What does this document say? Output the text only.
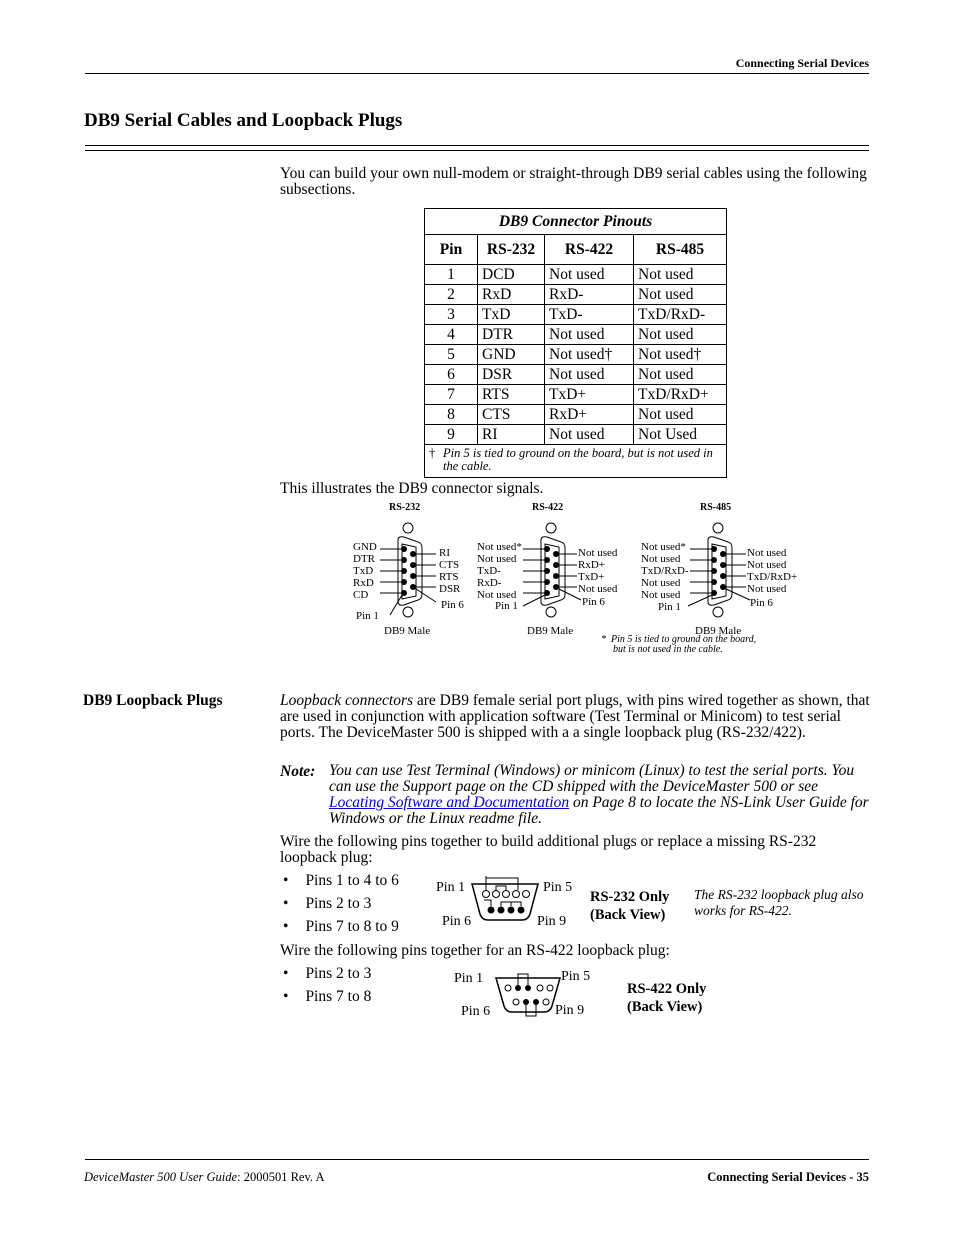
Connecting Serial Devices
DB9 Serial Cables and Loopback Plugs

You can build your own null-modem or straight-through DB9 serial cables using the following subsections.

DB9 Connector Pinouts			
Pin	RS-232	RS-422	RS-485
1	DCD	Not used	Not used
2	RxD	RxD-	Not used
3	TxD	TxD-	TxD/RxD-
4	DTR	Not used	Not used
5	GND	Not used†	Not used†
6	DSR	Not used	Not used
7	RTS	TxD+	TxD/RxD+
8	CTS	RxD+	Not used
9	RI	Not used	Not Used
† Pin 5 is tied to ground on the board, but is not used in the cable.			

This illustrates the DB9 connector signals.

RS-232
GND
DTR
TxD
RxD
CD
RI
CTS
RTS
DSR
Pin 1
Pin 6
DB9 Male
RS-422
Not used*
Not used
TxD-
RxD-
Not used
Not used
RxD+
TxD+
Not used
Pin 1	Pin 6
DB9 Male
RS-485
Not used*
Not used
TxD/RxD-
Not used
Not used
Not used
Not used
TxD/RxD+
Not used
Pin 1	Pin 6
DB9 Male
* Pin 5 is tied to ground on the board,
but is not used in the cable.
DB9 Loopback Plugs	Loopback connectors are DB9 female serial port plugs, with pins wired together as shown, that are used in conjunction with application software (Test Terminal or Minicom) to test serial ports. The DeviceMaster 500 is shipped with a a single loopback plug (RS-232/422).

Note: You can use Test Terminal (Windows) or minicom (Linux) to test the serial ports. You can use the Support page on the CD shipped with the DeviceMaster 500 or see Locating Software and Documentation on Page 8 to locate the NS-Link User Guide for Windows or the Linux readme file.

Wire the following pins together to build additional plugs or replace a missing RS-232 loopback plug:

• Pins 1 to 4 to 6
• Pins 2 to 3
• Pins 7 to 8 to 9
Pin 1	Pin 5
Pin 6	Pin 9
RS-232 Only
(Back View)

The RS-232 loopback plug also works for RS-422.

Wire the following pins together for an RS-422 loopback plug:

• Pins 2 to 3
• Pins 7 to 8
Pin 1	Pin 5
Pin 6	Pin 9
RS-422 Only
(Back View)
DeviceMaster 500 User Guide: 2000501 Rev. A	Connecting Serial Devices - 35
